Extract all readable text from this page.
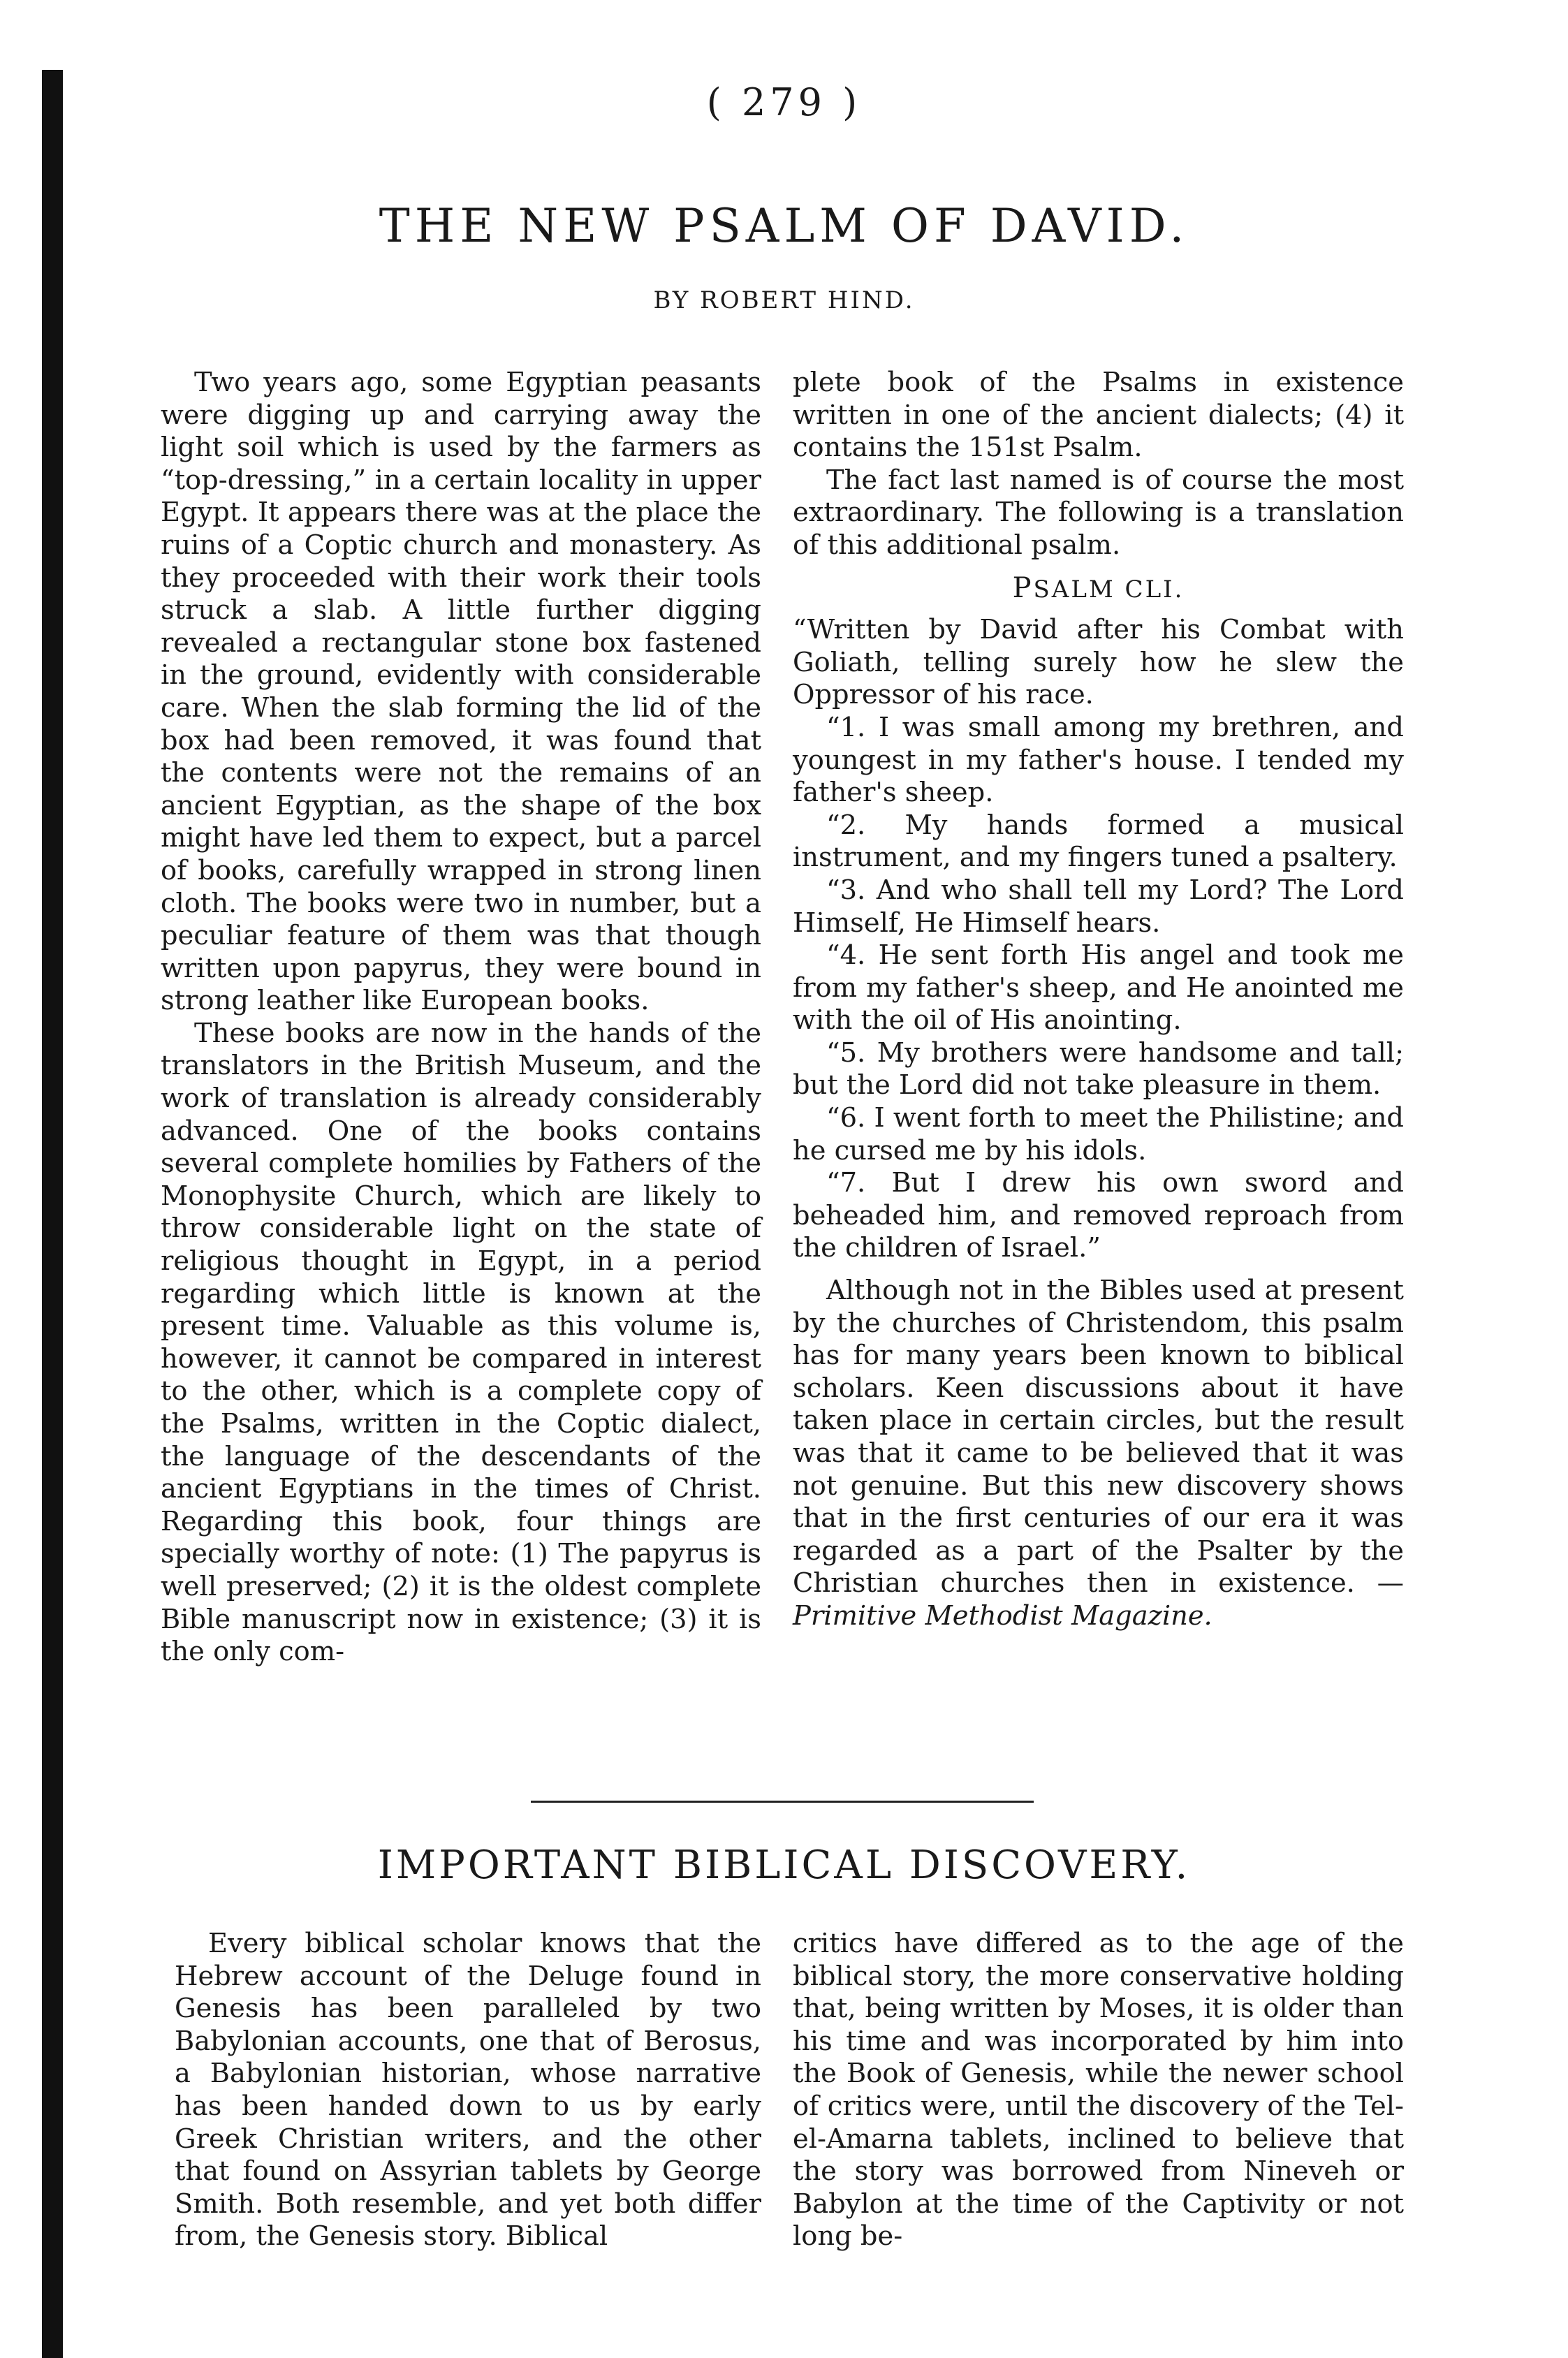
( 279 )
THE NEW PSALM OF DAVID.
BY ROBERT HIND.

Two years ago, some Egyptian peasants were digging up and carrying away the light soil which is used by the farmers as “top-dressing,” in a certain locality in upper Egypt. It appears there was at the place the ruins of a Coptic church and monastery. As they proceeded with their work their tools struck a slab. A little further digging revealed a rectangular stone box fastened in the ground, evidently with considerable care. When the slab forming the lid of the box had been removed, it was found that the contents were not the remains of an ancient Egyptian, as the shape of the box might have led them to expect, but a parcel of books, carefully wrapped in strong linen cloth. The books were two in number, but a peculiar feature of them was that though written upon papyrus, they were bound in strong leather like European books.

These books are now in the hands of the translators in the British Museum, and the work of translation is already considerably advanced. One of the books contains several complete homilies by Fathers of the Monophysite Church, which are likely to throw considerable light on the state of religious thought in Egypt, in a period regarding which little is known at the present time. Valuable as this volume is, however, it cannot be compared in interest to the other, which is a complete copy of the Psalms, written in the Coptic dialect, the language of the descendants of the ancient Egyptians in the times of Christ. Regarding this book, four things are specially worthy of note: (1) The papyrus is well preserved; (2) it is the oldest complete Bible manuscript now in existence; (3) it is the only com-

plete book of the Psalms in existence written in one of the ancient dialects; (4) it contains the 151st Psalm.

The fact last named is of course the most extraordinary. The following is a translation of this additional psalm.

PSALM CLI.

“Written by David after his Combat with Goliath, telling surely how he slew the Oppressor of his race.

“1. I was small among my brethren, and youngest in my father's house. I tended my father's sheep.

“2. My hands formed a musical instrument, and my fingers tuned a psaltery.

“3. And who shall tell my Lord? The Lord Himself, He Himself hears.

“4. He sent forth His angel and took me from my father's sheep, and He anointed me with the oil of His anointing.

“5. My brothers were handsome and tall; but the Lord did not take pleasure in them.

“6. I went forth to meet the Philistine; and he cursed me by his idols.

“7. But I drew his own sword and beheaded him, and removed reproach from the children of Israel.”

Although not in the Bibles used at present by the churches of Christendom, this psalm has for many years been known to biblical scholars. Keen discussions about it have taken place in certain circles, but the result was that it came to be believed that it was not genuine. But this new discovery shows that in the first centuries of our era it was regarded as a part of the Psalter by the Christian churches then in existence. —Primitive Methodist Magazine.

IMPORTANT BIBLICAL DISCOVERY.

Every biblical scholar knows that the Hebrew account of the Deluge found in Genesis has been paralleled by two Babylonian accounts, one that of Berosus, a Babylonian historian, whose narrative has been handed down to us by early Greek Christian writers, and the other that found on Assyrian tablets by George Smith. Both resemble, and yet both differ from, the Genesis story. Biblical

critics have differed as to the age of the biblical story, the more conservative holding that, being written by Moses, it is older than his time and was incorporated by him into the Book of Genesis, while the newer school of critics were, until the discovery of the Tel-el-Amarna tablets, inclined to believe that the story was borrowed from Nineveh or Babylon at the time of the Captivity or not long be-
